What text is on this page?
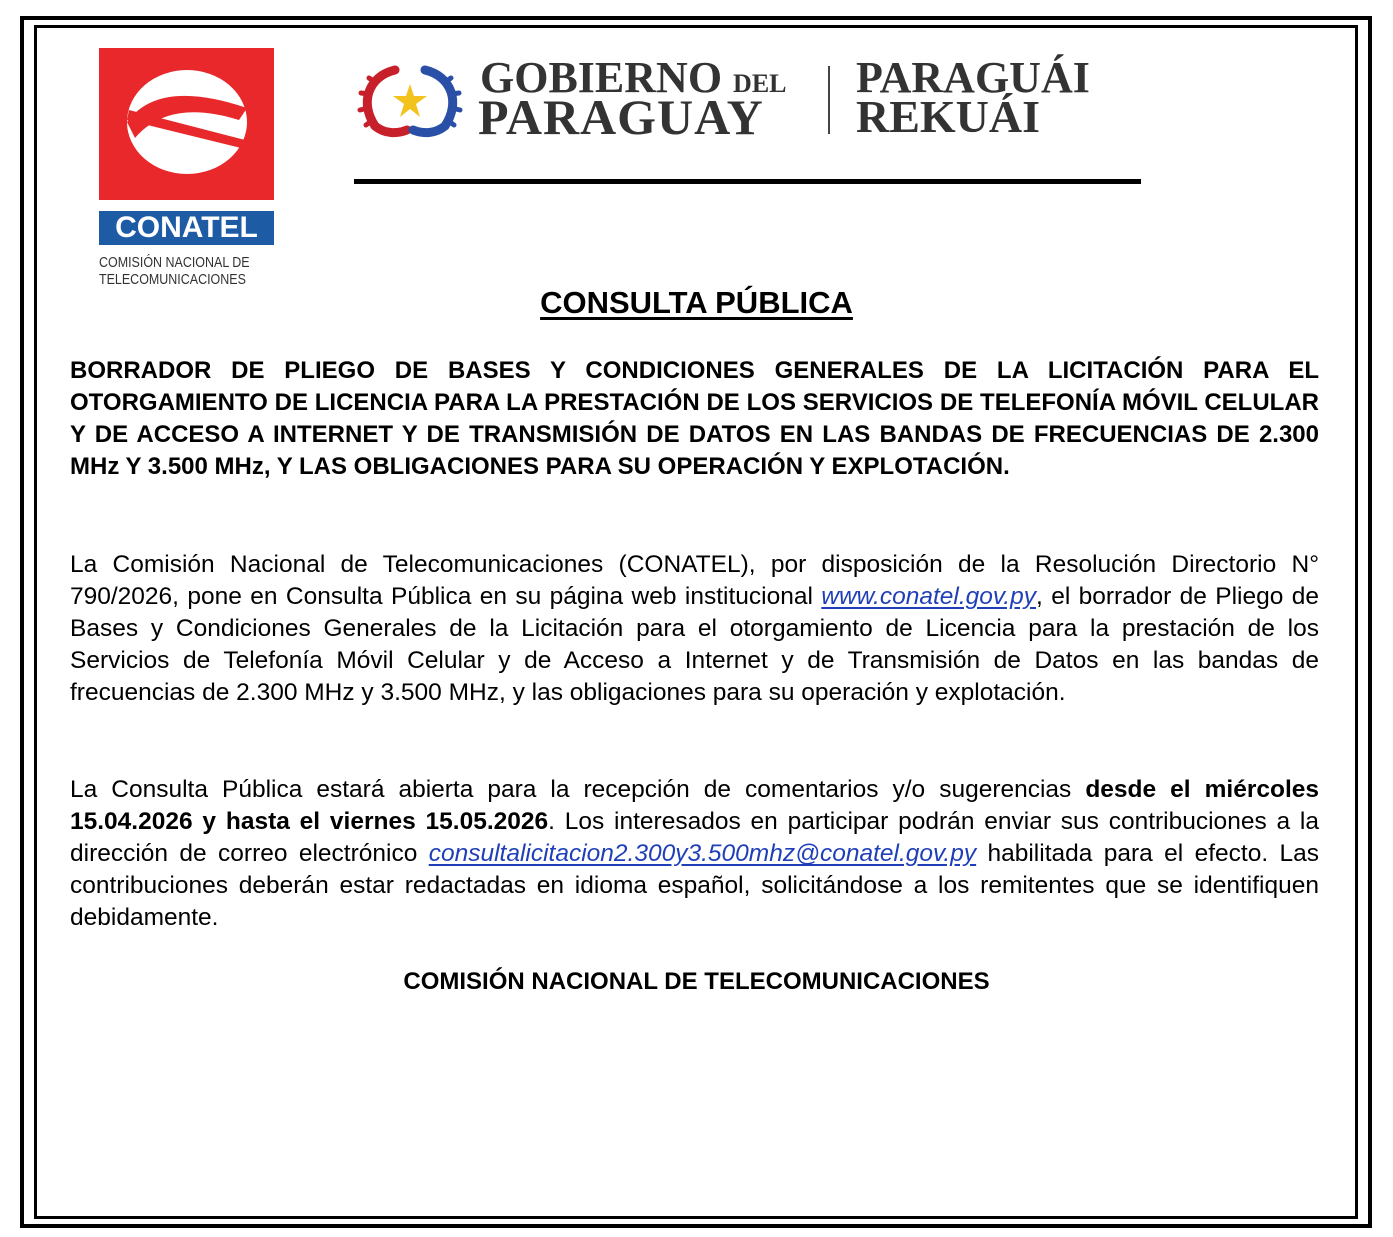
CONATEL
COMISIÓN NACIONAL DE
TELECOMUNICACIONES
GOBIERNO DEL
PARAGUAY
PARAGUÁI
REKUÁI
CONSULTA PÚBLICA
BORRADOR DE PLIEGO DE BASES Y CONDICIONES GENERALES DE LA LICITACIÓN PARA EL OTORGAMIENTO DE LICENCIA PARA LA PRESTACIÓN DE LOS SERVICIOS DE TELEFONÍA MÓVIL CELULAR Y DE ACCESO A INTERNET Y DE TRANSMISIÓN DE DATOS EN LAS BANDAS DE FRECUENCIAS DE 2.300 MHz Y 3.500 MHz, Y LAS OBLIGACIONES PARA SU OPERACIÓN Y EXPLOTACIÓN.
La Comisión Nacional de Telecomunicaciones (CONATEL), por disposición de la Resolución Directorio N° 790/2026, pone en Consulta Pública en su página web institucional www.conatel.gov.py, el borrador de Pliego de Bases y Condiciones Generales de la Licitación para el otorgamiento de Licencia para la prestación de los Servicios de Telefonía Móvil Celular y de Acceso a Internet y de Transmisión de Datos en las bandas de frecuencias de 2.300 MHz y 3.500 MHz, y las obligaciones para su operación y explotación.
La Consulta Pública estará abierta para la recepción de comentarios y/o sugerencias desde el miércoles 15.04.2026 y hasta el viernes 15.05.2026. Los interesados en participar podrán enviar sus contribuciones a la dirección de correo electrónico consultalicitacion2.300y3.500mhz@conatel.gov.py habilitada para el efecto. Las contribuciones deberán estar redactadas en idioma español, solicitándose a los remitentes que se identifiquen debidamente.
COMISIÓN NACIONAL DE TELECOMUNICACIONES
